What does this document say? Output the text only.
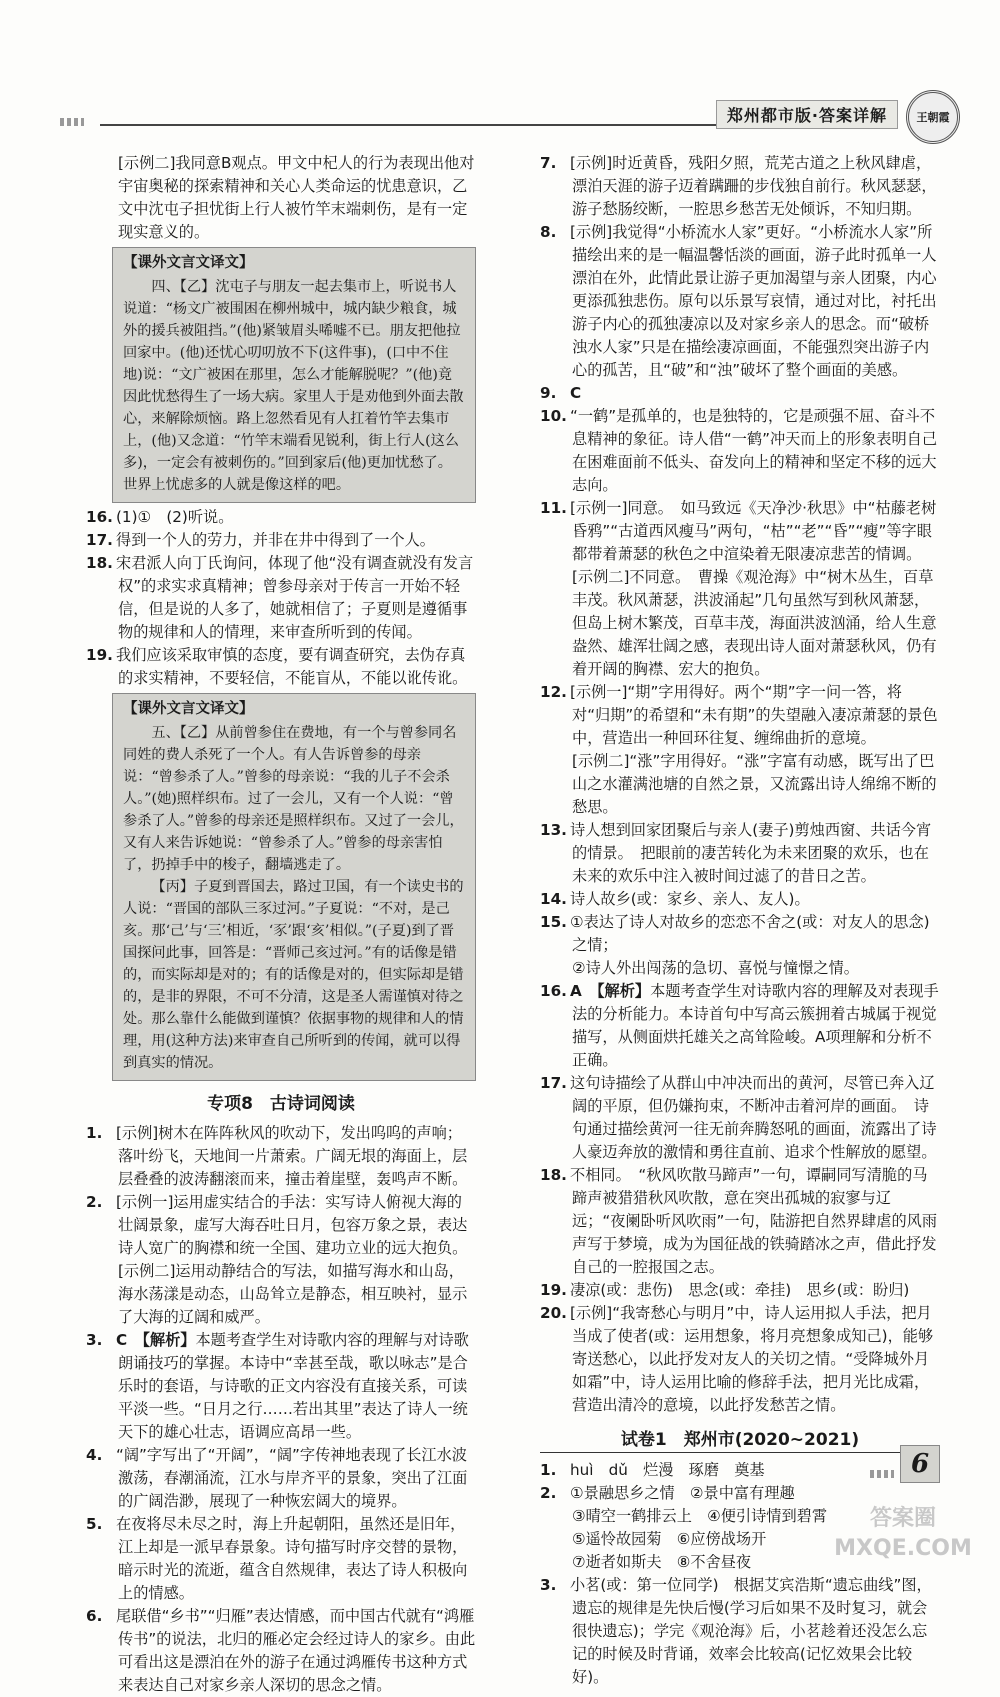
郑州都市版·答案详解	王朝霞

[示例二]我同意B观点。甲文中杞人的行为表现出他对宇宙奥秘的探索精神和关心人类命运的忧患意识，乙文中沈屯子担忧街上行人被竹竿末端刺伤，是有一定现实意义的。

【课外文言文译文】

四、【乙】沈屯子与朋友一起去集市上，听说书人说道：“杨文广被围困在柳州城中，城内缺少粮食，城外的援兵被阻挡。”(他)紧皱眉头唏嘘不已。朋友把他拉回家中。(他)还忧心叨叨放不下(这件事)，(口中不住地)说：“文广被困在那里，怎么才能解脱呢？”(他)竟因此忧愁得生了一场大病。家里人于是劝他到外面去散心，来解除烦恼。路上忽然看见有人扛着竹竿去集市上，(他)又念道：“竹竿末端看见锐利，街上行人(这么多)，一定会有被刺伤的。”回到家后(他)更加忧愁了。世界上忧虑多的人就是像这样的吧。

16. (1)①　(2)听说。

17. 得到一个人的劳力，并非在井中得到了一个人。

18. 宋君派人向丁氏询问，体现了他“没有调查就没有发言权”的求实求真精神；曾参母亲对于传言一开始不轻信，但是说的人多了，她就相信了；子夏则是遵循事物的规律和人的情理，来审查所听到的传闻。

19. 我们应该采取审慎的态度，要有调查研究，去伪存真的求实精神，不要轻信，不能盲从，不能以讹传讹。

【课外文言文译文】

五、【乙】从前曾参住在费地，有一个与曾参同名同姓的费人杀死了一个人。有人告诉曾参的母亲说：“曾参杀了人。”曾参的母亲说：“我的儿子不会杀人。”(她)照样织布。过了一会儿，又有一个人说：“曾参杀了人。”曾参的母亲还是照样织布。又过了一会儿，又有人来告诉她说：“曾参杀了人。”曾参的母亲害怕了，扔掉手中的梭子，翻墙逃走了。

【丙】子夏到晋国去，路过卫国，有一个读史书的人说：“晋国的部队三豕过河。”子夏说：“不对，是己亥。那‘己’与‘三’相近，‘豕’跟‘亥’相似。”(子夏)到了晋国探问此事，回答是：“晋师己亥过河。”有的话像是错的，而实际却是对的；有的话像是对的，但实际却是错的，是非的界限，不可不分清，这是圣人需谨慎对待之处。那么靠什么能做到谨慎？依据事物的规律和人的情理，用(这种方法)来审查自己所听到的传闻，就可以得到真实的情况。

专项8　古诗词阅读

1. [示例]树木在阵阵秋风的吹动下，发出呜呜的声响；落叶纷飞，天地间一片萧索。广阔无垠的海面上，层层叠叠的波涛翻滚而来，撞击着崖壁，轰鸣声不断。

2. [示例一]运用虚实结合的手法：实写诗人俯视大海的壮阔景象，虚写大海吞吐日月，包容万象之景，表达诗人宽广的胸襟和统一全国、建功立业的远大抱负。

[示例二]运用动静结合的写法，如描写海水和山岛，海水荡漾是动态，山岛耸立是静态，相互映衬，显示了大海的辽阔和威严。

3. C　【解析】本题考查学生对诗歌内容的理解与对诗歌朗诵技巧的掌握。本诗中“幸甚至哉，歌以咏志”是合乐时的套语，与诗歌的正文内容没有直接关系，可读平淡一些。“日月之行……若出其里”表达了诗人一统天下的雄心壮志，语调应高昂一些。

4. “阔”字写出了“开阔”，“阔”字传神地表现了长江水波激荡，春潮涌流，江水与岸齐平的景象，突出了江面的广阔浩渺，展现了一种恢宏阔大的境界。

5. 在夜将尽未尽之时，海上升起朝阳，虽然还是旧年，江上却是一派早春景象。诗句描写时序交替的景物，暗示时光的流逝，蕴含自然规律，表达了诗人积极向上的情感。

6. 尾联借“乡书”“归雁”表达情感，而中国古代就有“鸿雁传书”的说法，北归的雁必定会经过诗人的家乡。由此可看出这是漂泊在外的游子在通过鸿雁传书这种方式来表达自己对家乡亲人深切的思念之情。

7. [示例]时近黄昏，残阳夕照，荒芜古道之上秋风肆虐，漂泊天涯的游子迈着蹒跚的步伐独自前行。秋风瑟瑟，游子愁肠绞断，一腔思乡愁苦无处倾诉，不知归期。

8. [示例]我觉得“小桥流水人家”更好。“小桥流水人家”所描绘出来的是一幅温馨恬淡的画面，游子此时孤单一人漂泊在外，此情此景让游子更加渴望与亲人团聚，内心更添孤独悲伤。原句以乐景写哀情，通过对比，衬托出游子内心的孤独凄凉以及对家乡亲人的思念。而“破桥浊水人家”只是在描绘凄凉画面，不能强烈突出游子内心的孤苦，且“破”和“浊”破坏了整个画面的美感。

9. C

10. “一鹤”是孤单的，也是独特的，它是顽强不屈、奋斗不息精神的象征。诗人借“一鹤”冲天而上的形象表明自己在困难面前不低头、奋发向上的精神和坚定不移的远大志向。

11. [示例一]同意。　如马致远《天净沙·秋思》中“枯藤老树昏鸦”“古道西风瘦马”两句，“枯”“老”“昏”“瘦”等字眼都带着萧瑟的秋色之中渲染着无限凄凉悲苦的情调。

[示例二]不同意。　曹操《观沧海》中“树木丛生，百草丰茂。秋风萧瑟，洪波涌起”几句虽然写到秋风萧瑟，但岛上树木繁茂，百草丰茂，海面洪波汹涌，给人生意盎然、雄浑壮阔之感，表现出诗人面对萧瑟秋风，仍有着开阔的胸襟、宏大的抱负。

12. [示例一]“期”字用得好。两个“期”字一问一答，将对“归期”的希望和“未有期”的失望融入凄凉萧瑟的景色中，营造出一种回环往复、缠绵曲折的意境。

[示例二]“涨”字用得好。“涨”字富有动感，既写出了巴山之水灌满池塘的自然之景，又流露出诗人绵绵不断的愁思。

13. 诗人想到回家团聚后与亲人(妻子)剪烛西窗、共话今宵的情景。　把眼前的凄苦转化为未来团聚的欢乐，也在未来的欢乐中注入被时间过滤了的昔日之苦。

14. 诗人故乡(或：家乡、亲人、友人)。

15. ①表达了诗人对故乡的恋恋不舍之(或：对友人的思念)之情；

②诗人外出闯荡的急切、喜悦与憧憬之情。

16. A　【解析】本题考查学生对诗歌内容的理解及对表现手法的分析能力。本诗首句中写高云簇拥着古城属于视觉描写，从侧面烘托雄关之高耸险峻。A项理解和分析不正确。

17. 这句诗描绘了从群山中冲决而出的黄河，尽管已奔入辽阔的平原，但仍嫌拘束，不断冲击着河岸的画面。　诗句通过描绘黄河一往无前奔腾怒吼的画面，流露出了诗人豪迈奔放的激情和勇往直前、追求个性解放的愿望。

18. 不相同。　“秋风吹散马蹄声”一句，谭嗣同写清脆的马蹄声被猎猎秋风吹散，意在突出孤城的寂寥与辽远；“夜阑卧听风吹雨”一句，陆游把自然界肆虐的风雨声写于梦境，成为为国征战的铁骑踏冰之声，借此抒发自己的一腔报国之志。

19. 凄凉(或：悲伤)　思念(或：牵挂)　思乡(或：盼归)

20. [示例]“我寄愁心与明月”中，诗人运用拟人手法，把月当成了使者(或：运用想象，将月亮想象成知己)，能够寄送愁心，以此抒发对友人的关切之情。“受降城外月如霜”中，诗人运用比喻的修辞手法，把月光比成霜，营造出清冷的意境，以此抒发愁苦之情。

试卷1　郑州市(2020~2021)

1. huì　dǔ　烂漫　琢磨　奠基

2. ①景融思乡之情　②景中富有理趣

③晴空一鹤排云上　④便引诗情到碧霄

⑤遥怜故园菊　⑥应傍战场开

⑦逝者如斯夫　⑧不舍昼夜

3. 小茗(或：第一位同学)　根据艾宾浩斯“遗忘曲线”图，遗忘的规律是先快后慢(学习后如果不及时复习，就会很快遗忘)；学完《观沧海》后，小茗趁着还没怎么忘记的时候及时背诵，效率会比较高(记忆效果会比较好)。

6
答案圈
MXQE.COM
